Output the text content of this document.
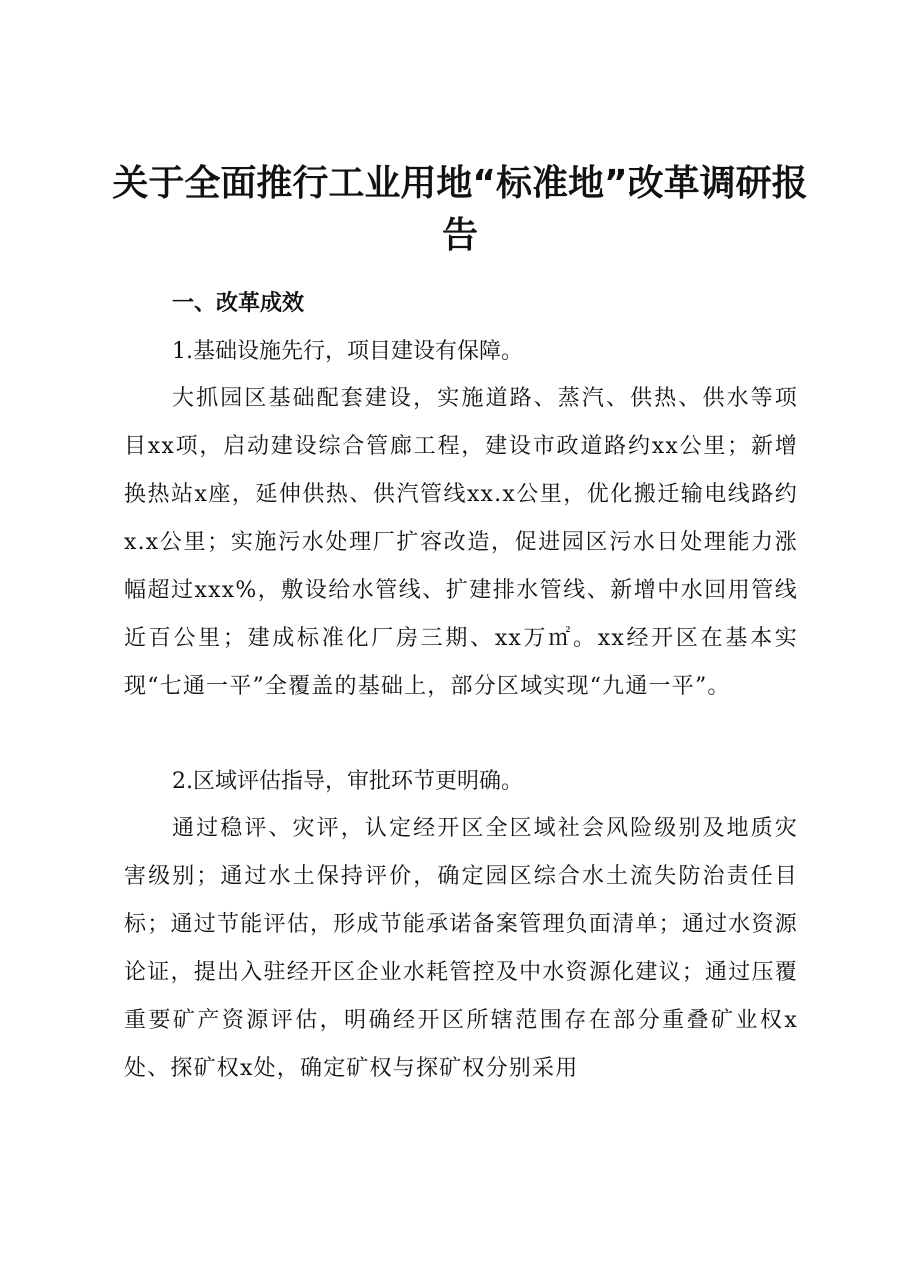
关于全面推行工业用地“标准地”改革调研报告
一、改革成效
1.基础设施先行，项目建设有保障。
大抓园区基础配套建设，实施道路、蒸汽、供热、供水等项目xx项，启动建设综合管廊工程，建设市政道路约xx公里；新增换热站x座，延伸供热、供汽管线xx.x公里，优化搬迁输电线路约x.x公里；实施污水处理厂扩容改造，促进园区污水日处理能力涨幅超过xxx%，敷设给水管线、扩建排水管线、新增中水回用管线近百公里；建成标准化厂房三期、xx万㎡。xx经开区在基本实现“七通一平”全覆盖的基础上，部分区域实现“九通一平”。
2.区域评估指导，审批环节更明确。
通过稳评、灾评，认定经开区全区域社会风险级别及地质灾害级别；通过水土保持评价，确定园区综合水土流失防治责任目标；通过节能评估，形成节能承诺备案管理负面清单；通过水资源论证，提出入驻经开区企业水耗管控及中水资源化建议；通过压覆重要矿产资源评估，明确经开区所辖范围存在部分重叠矿业权x处、探矿权x处，确定矿权与探矿权分别采用
